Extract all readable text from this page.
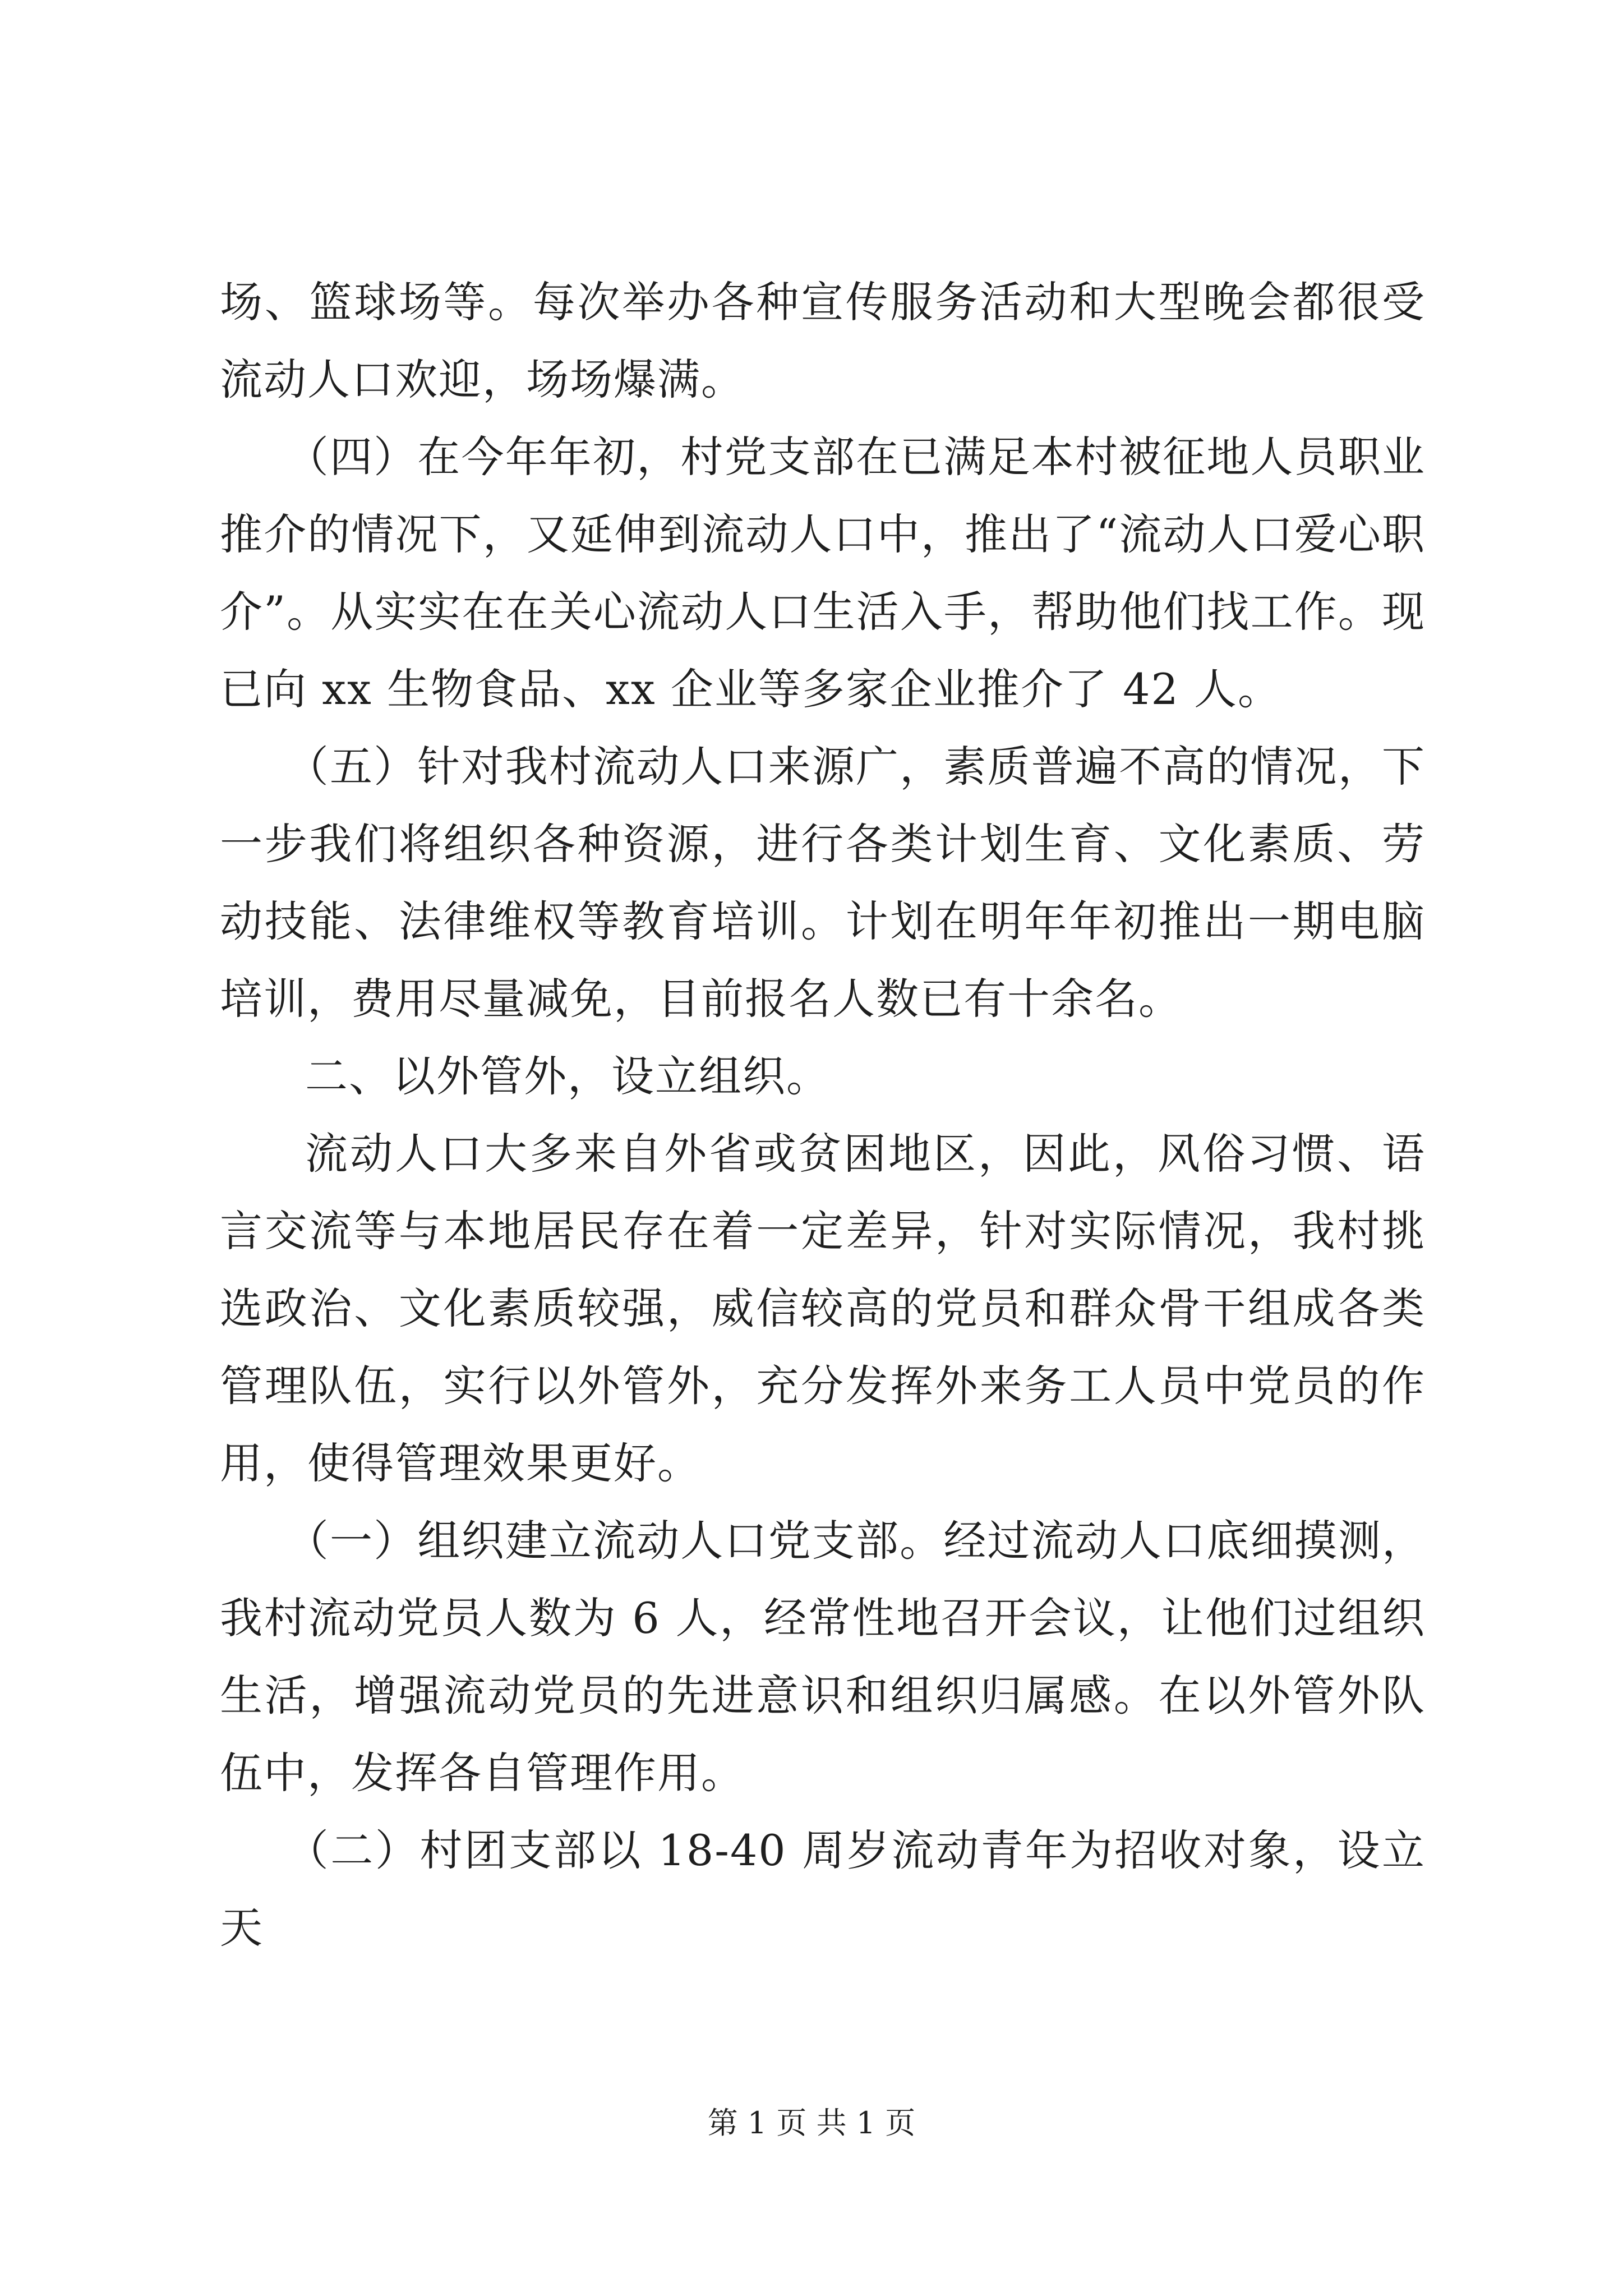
场、篮球场等。每次举办各种宣传服务活动和大型晚会都很受流动人口欢迎，场场爆满。

（四）在今年年初，村党支部在已满足本村被征地人员职业推介的情况下，又延伸到流动人口中，推出了“流动人口爱心职介”。从实实在在关心流动人口生活入手，帮助他们找工作。现已向 xx 生物食品、xx 企业等多家企业推介了 42 人。

（五）针对我村流动人口来源广，素质普遍不高的情况，下一步我们将组织各种资源，进行各类计划生育、文化素质、劳动技能、法律维权等教育培训。计划在明年年初推出一期电脑培训，费用尽量减免，目前报名人数已有十余名。

二、以外管外，设立组织。

流动人口大多来自外省或贫困地区，因此，风俗习惯、语言交流等与本地居民存在着一定差异，针对实际情况，我村挑选政治、文化素质较强，威信较高的党员和群众骨干组成各类管理队伍，实行以外管外，充分发挥外来务工人员中党员的作用，使得管理效果更好。

（一）组织建立流动人口党支部。经过流动人口底细摸测，我村流动党员人数为 6 人，经常性地召开会议，让他们过组织生活，增强流动党员的先进意识和组织归属感。在以外管外队伍中，发挥各自管理作用。

（二）村团支部以 18-40 周岁流动青年为招收对象，设立天

第 1 页 共 1 页
